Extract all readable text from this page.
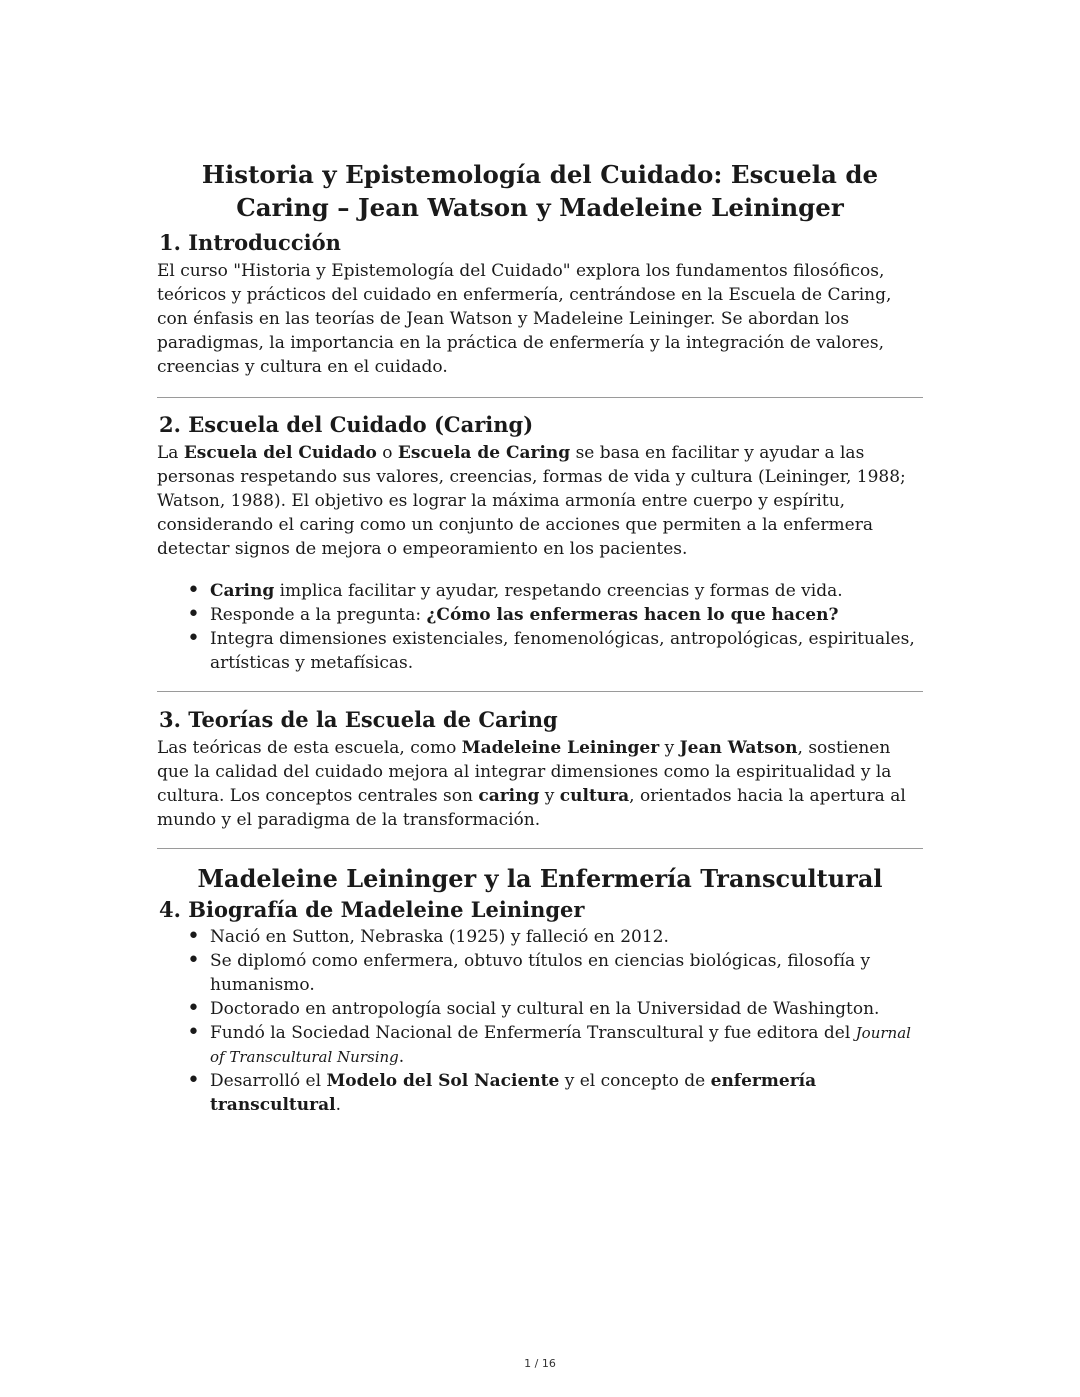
Historia y Epistemología del Cuidado: Escuela de Caring – Jean Watson y Madeleine Leininger
1. Introducción

El curso "Historia y Epistemología del Cuidado" explora los fundamentos filosóficos, teóricos y prácticos del cuidado en enfermería, centrándose en la Escuela de Caring, con énfasis en las teorías de Jean Watson y Madeleine Leininger. Se abordan los paradigmas, la importancia en la práctica de enfermería y la integración de valores, creencias y cultura en el cuidado.

2. Escuela del Cuidado (Caring)

La Escuela del Cuidado o Escuela de Caring se basa en facilitar y ayudar a las personas respetando sus valores, creencias, formas de vida y cultura (Leininger, 1988; Watson, 1988). El objetivo es lograr la máxima armonía entre cuerpo y espíritu, considerando el caring como un conjunto de acciones que permiten a la enfermera detectar signos de mejora o empeoramiento en los pacientes.

• Caring implica facilitar y ayudar, respetando creencias y formas de vida.
• Responde a la pregunta: ¿Cómo las enfermeras hacen lo que hacen?
• Integra dimensiones existenciales, fenomenológicas, antropológicas, espirituales, artísticas y metafísicas.
3. Teorías de la Escuela de Caring

Las teóricas de esta escuela, como Madeleine Leininger y Jean Watson, sostienen que la calidad del cuidado mejora al integrar dimensiones como la espiritualidad y la cultura. Los conceptos centrales son caring y cultura, orientados hacia la apertura al mundo y el paradigma de la transformación.

Madeleine Leininger y la Enfermería Transcultural
4. Biografía de Madeleine Leininger
• Nació en Sutton, Nebraska (1925) y falleció en 2012.
• Se diplomó como enfermera, obtuvo títulos en ciencias biológicas, filosofía y humanismo.
• Doctorado en antropología social y cultural en la Universidad de Washington.
• Fundó la Sociedad Nacional de Enfermería Transcultural y fue editora del Journal of Transcultural Nursing.
• Desarrolló el Modelo del Sol Naciente y el concepto de enfermería transcultural.
1 / 16
